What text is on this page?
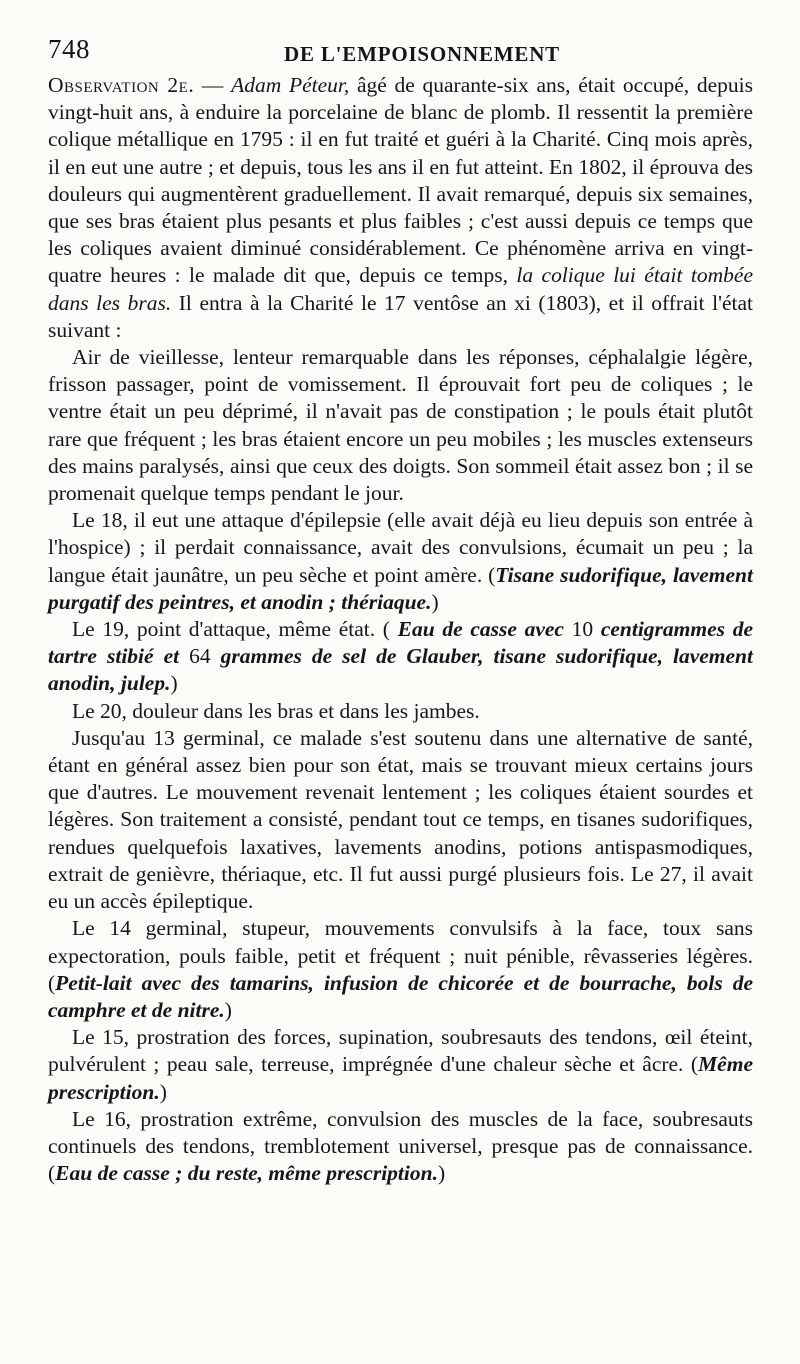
748	DE L'EMPOISONNEMENT

Observation 2e. — Adam Péteur, âgé de quarante-six ans, était occupé, depuis vingt-huit ans, à enduire la porcelaine de blanc de plomb. Il ressentit la première colique métallique en 1795 : il en fut traité et guéri à la Charité. Cinq mois après, il en eut une autre ; et depuis, tous les ans il en fut atteint. En 1802, il éprouva des douleurs qui augmentèrent graduellement. Il avait remarqué, depuis six semaines, que ses bras étaient plus pesants et plus faibles ; c'est aussi depuis ce temps que les coliques avaient diminué considérablement. Ce phénomène arriva en vingt-quatre heures : le malade dit que, depuis ce temps, la colique lui était tombée dans les bras. Il entra à la Charité le 17 ventôse an xi (1803), et il offrait l'état suivant :

Air de vieillesse, lenteur remarquable dans les réponses, céphalalgie légère, frisson passager, point de vomissement. Il éprouvait fort peu de coliques ; le ventre était un peu déprimé, il n'avait pas de constipation ; le pouls était plutôt rare que fréquent ; les bras étaient encore un peu mobiles ; les muscles extenseurs des mains paralysés, ainsi que ceux des doigts. Son sommeil était assez bon ; il se promenait quelque temps pendant le jour.

Le 18, il eut une attaque d'épilepsie (elle avait déjà eu lieu depuis son entrée à l'hospice) ; il perdait connaissance, avait des convulsions, écumait un peu ; la langue était jaunâtre, un peu sèche et point amère. (Tisane sudorifique, lavement purgatif des peintres, et anodin ; thériaque.)

Le 19, point d'attaque, même état. ( Eau de casse avec 10 centigrammes de tartre stibié et 64 grammes de sel de Glauber, tisane sudorifique, lavement anodin, julep.)

Le 20, douleur dans les bras et dans les jambes.

Jusqu'au 13 germinal, ce malade s'est soutenu dans une alternative de santé, étant en général assez bien pour son état, mais se trouvant mieux certains jours que d'autres. Le mouvement revenait lentement ; les coliques étaient sourdes et légères. Son traitement a consisté, pendant tout ce temps, en tisanes sudorifiques, rendues quelquefois laxatives, lavements anodins, potions antispasmodiques, extrait de genièvre, thériaque, etc. Il fut aussi purgé plusieurs fois. Le 27, il avait eu un accès épileptique.

Le 14 germinal, stupeur, mouvements convulsifs à la face, toux sans expectoration, pouls faible, petit et fréquent ; nuit pénible, rêvasseries légères. (Petit-lait avec des tamarins, infusion de chicorée et de bourrache, bols de camphre et de nitre.)

Le 15, prostration des forces, supination, soubresauts des tendons, œil éteint, pulvérulent ; peau sale, terreuse, imprégnée d'une chaleur sèche et âcre. (Même prescription.)

Le 16, prostration extrême, convulsion des muscles de la face, soubresauts continuels des tendons, tremblotement universel, presque pas de connaissance. (Eau de casse ; du reste, même prescription.)
